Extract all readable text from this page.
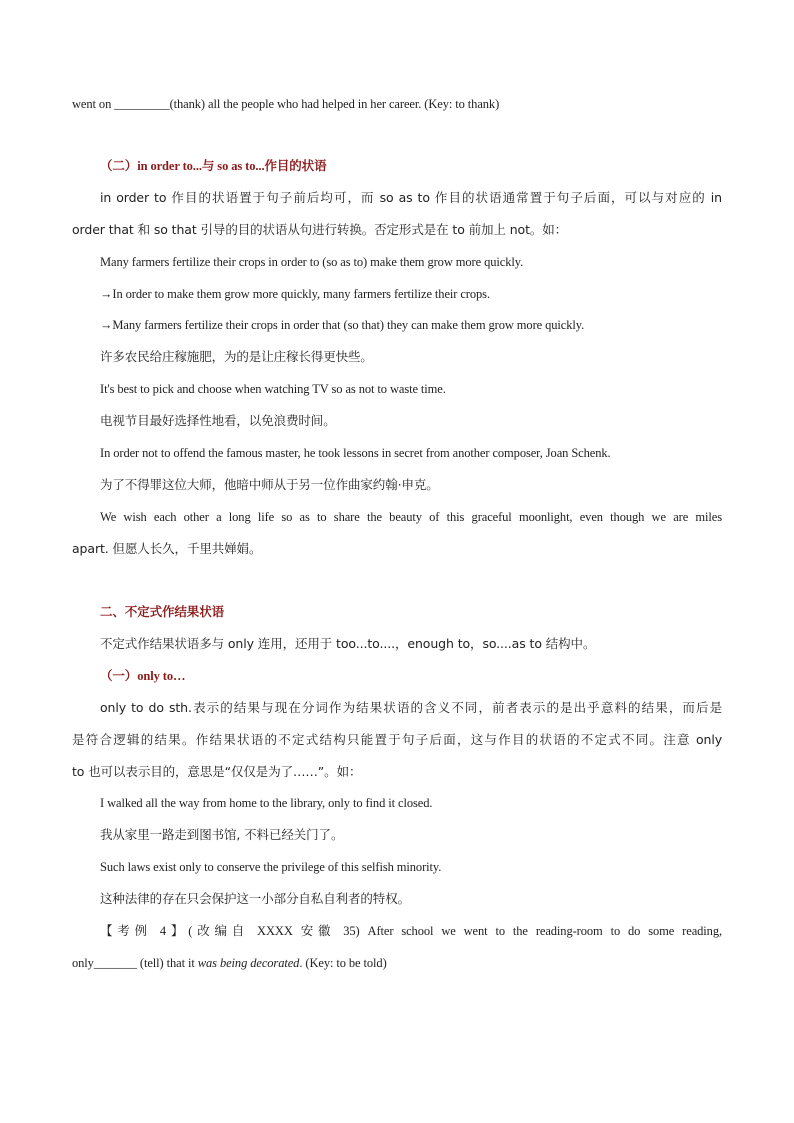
went on _________(thank) all the people who had helped in her career. (Key: to thank)
（二）in order to...与 so as to...作目的状语
in order to 作目的状语置于句子前后均可，而 so as to 作目的状语通常置于句子后面，可以与对应的 in
order that 和 so that 引导的目的状语从句进行转换。否定形式是在 to 前加上 not。如：
Many farmers fertilize their crops in order to (so as to) make them grow more quickly.
→In order to make them grow more quickly, many farmers fertilize their crops.
→Many farmers fertilize their crops in order that (so that) they can make them grow more quickly.
许多农民给庄稼施肥，为的是让庄稼长得更快些。
It's best to pick and choose when watching TV so as not to waste time.
电视节目最好选择性地看，以免浪费时间。
In order not to offend the famous master, he took lessons in secret from another composer, Joan Schenk.
为了不得罪这位大师，他暗中师从于另一位作曲家约翰·申克。
We wish each other a long life so as to share the beauty of this graceful moonlight, even though we are miles
apart. 但愿人长久，千里共婵娟。
二、不定式作结果状语
不定式作结果状语多与 only 连用，还用于 too...to....，enough to，so....as to 结构中。
（一）only to…
only to do sth.表示的结果与现在分词作为结果状语的含义不同，前者表示的是出乎意料的结果，而后是
是符合逻辑的结果。作结果状语的不定式结构只能置于句子后面，这与作目的状语的不定式不同。注意 only
to 也可以表示目的，意思是“仅仅是为了……”。如：
I walked all the way from home to the library, only to find it closed.
我从家里一路走到图书馆, 不料已经关门了。
Such laws exist only to conserve the privilege of this selfish minority.
这种法律的存在只会保护这一小部分自私自利者的特权。
【考例 4】(改编自 XXXX 安徽 35) After school we went to the reading-room to do some reading,
only_______ (tell) that it was being decorated. (Key: to be told)
